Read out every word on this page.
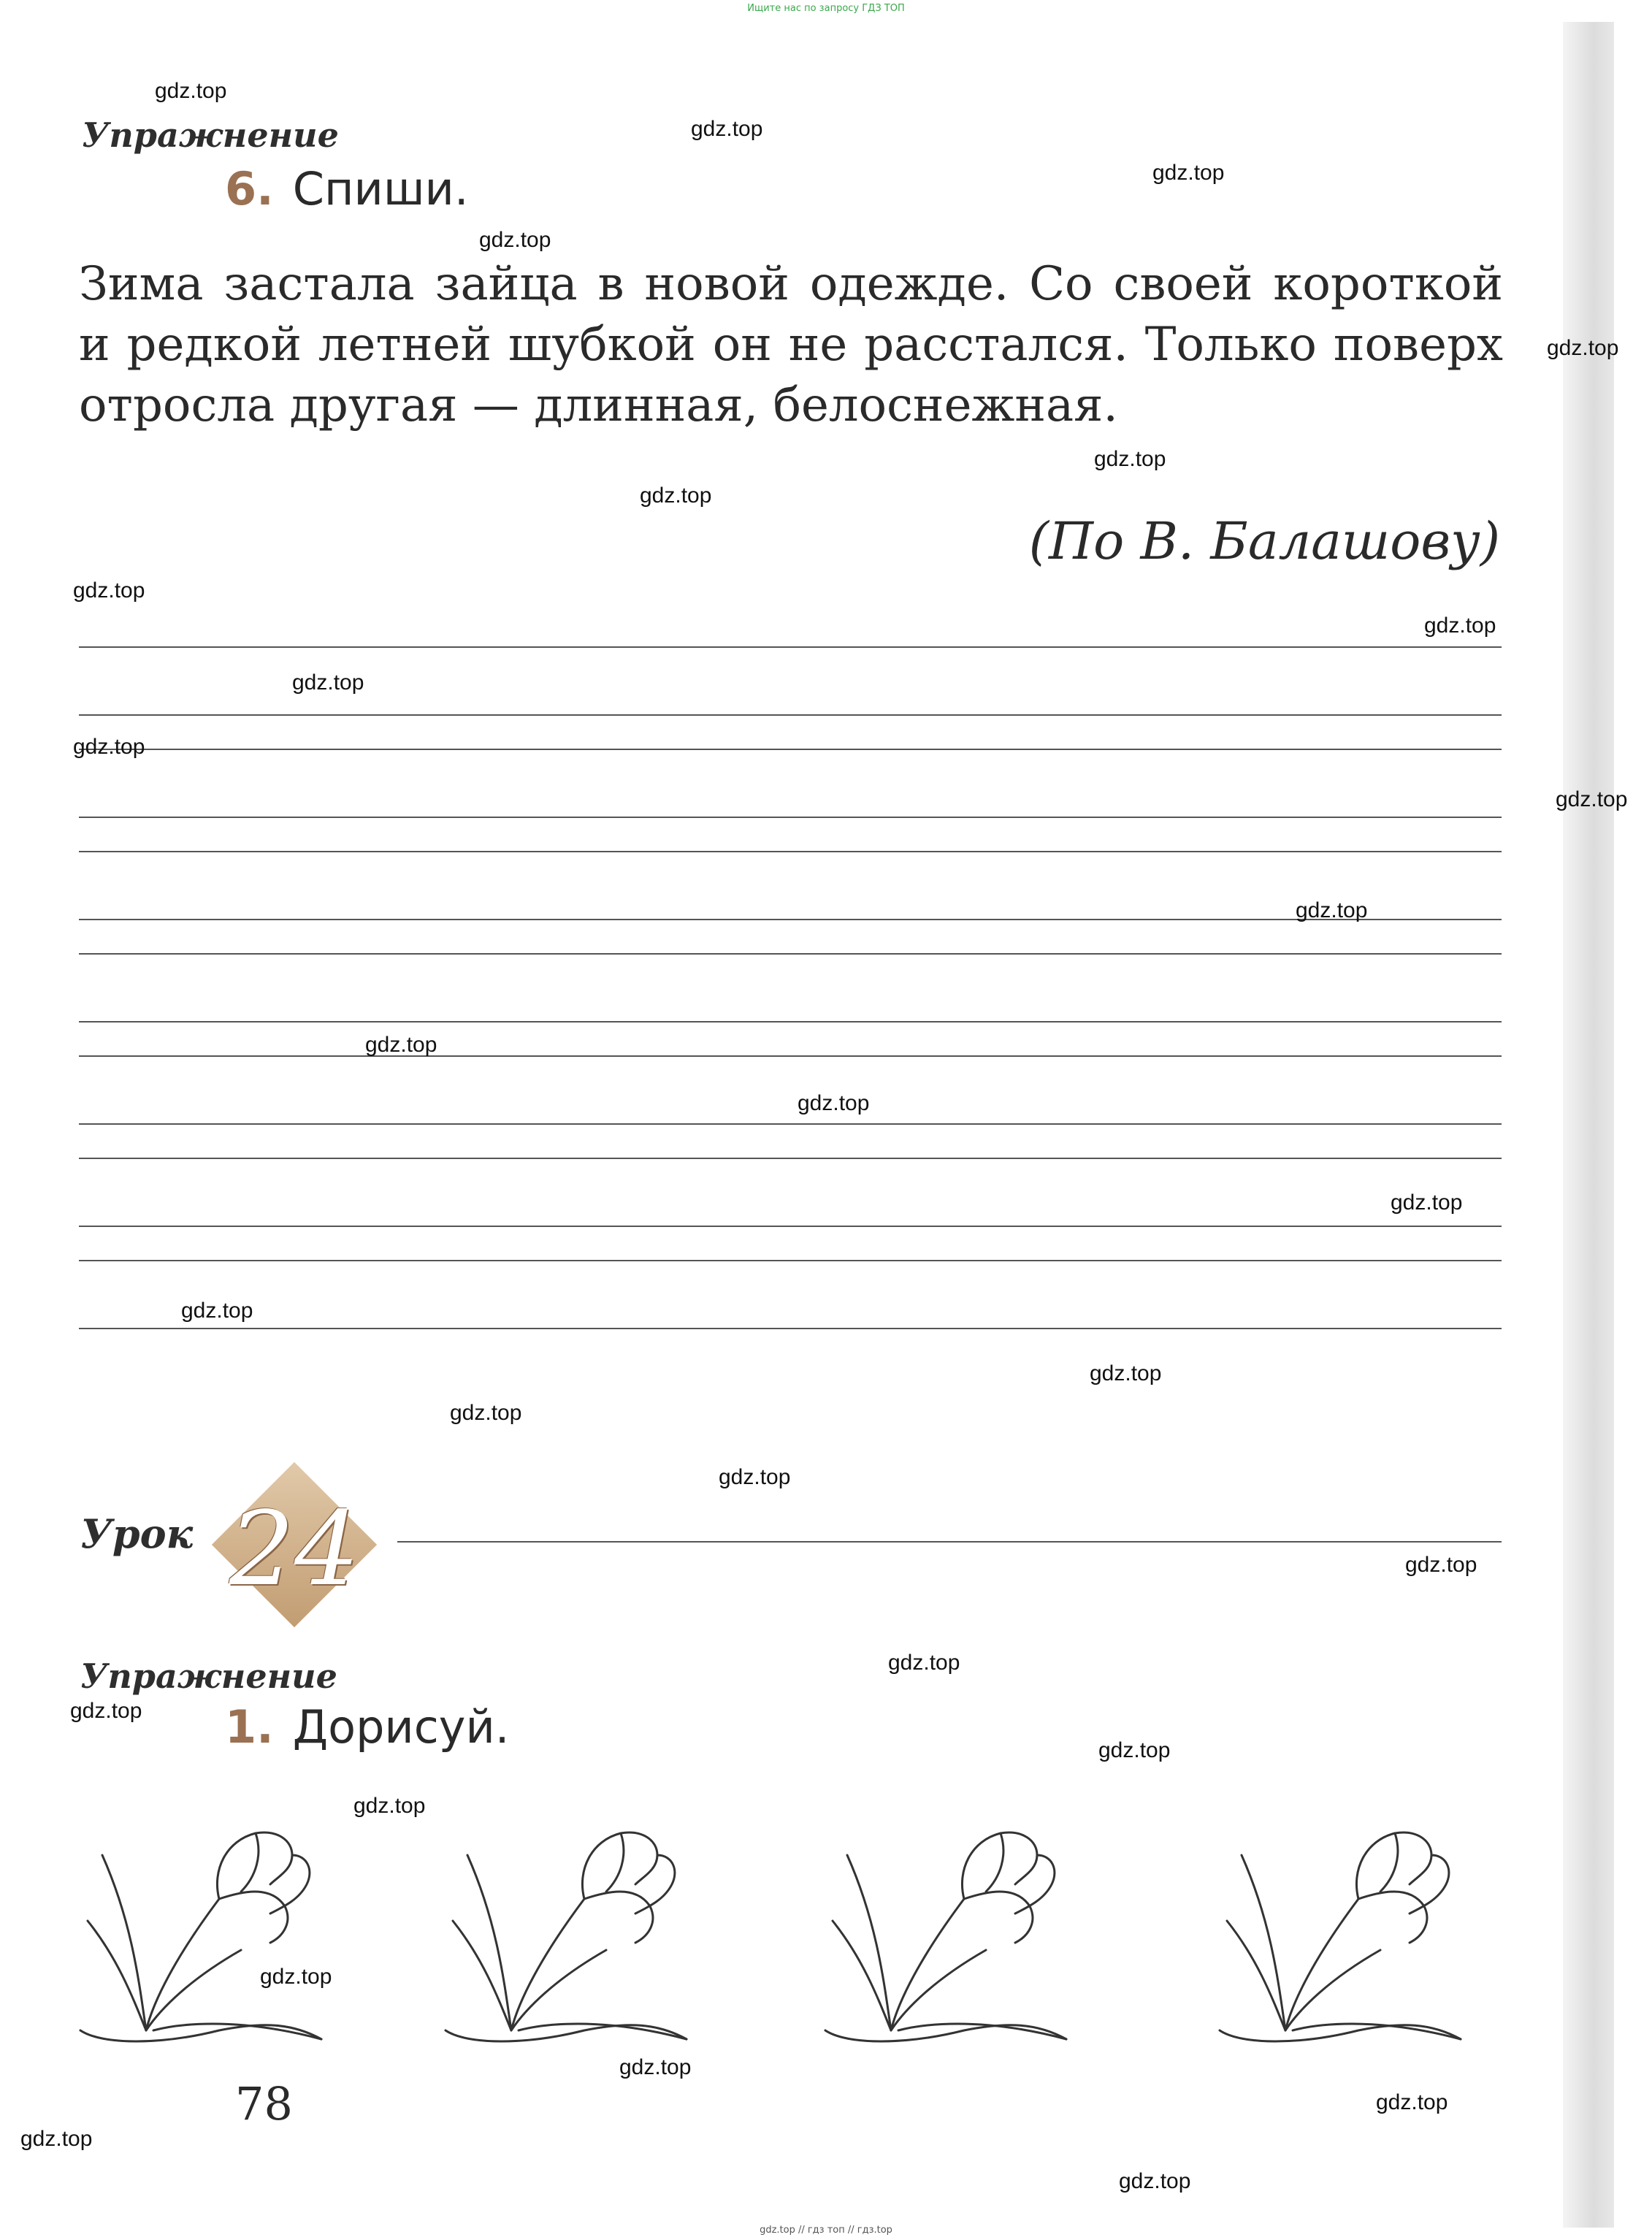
Ищите нас по запросу ГДЗ ТОП
Упражнение
6. Спиши.
Зима застала зайца в новой одежде. Со своей короткой и редкой летней шубкой он не расстался. Только поверх отросла другая — длинная, белоснежная.
(По В. Балашову)
Урок 24
Упражнение
1. Дорисуй.
78
gdz.top
gdz.top
gdz.top
gdz.top
gdz.top
gdz.top
gdz.top
gdz.top
gdz.top
gdz.top
gdz.top
gdz.top
gdz.top
gdz.top
gdz.top
gdz.top
gdz.top
gdz.top
gdz.top
gdz.top
gdz.top
gdz.top
gdz.top
gdz.top
gdz.top
gdz.top
gdz.top
gdz.top
gdz.top
gdz.top
gdz.top // гдз топ // гдз.top
